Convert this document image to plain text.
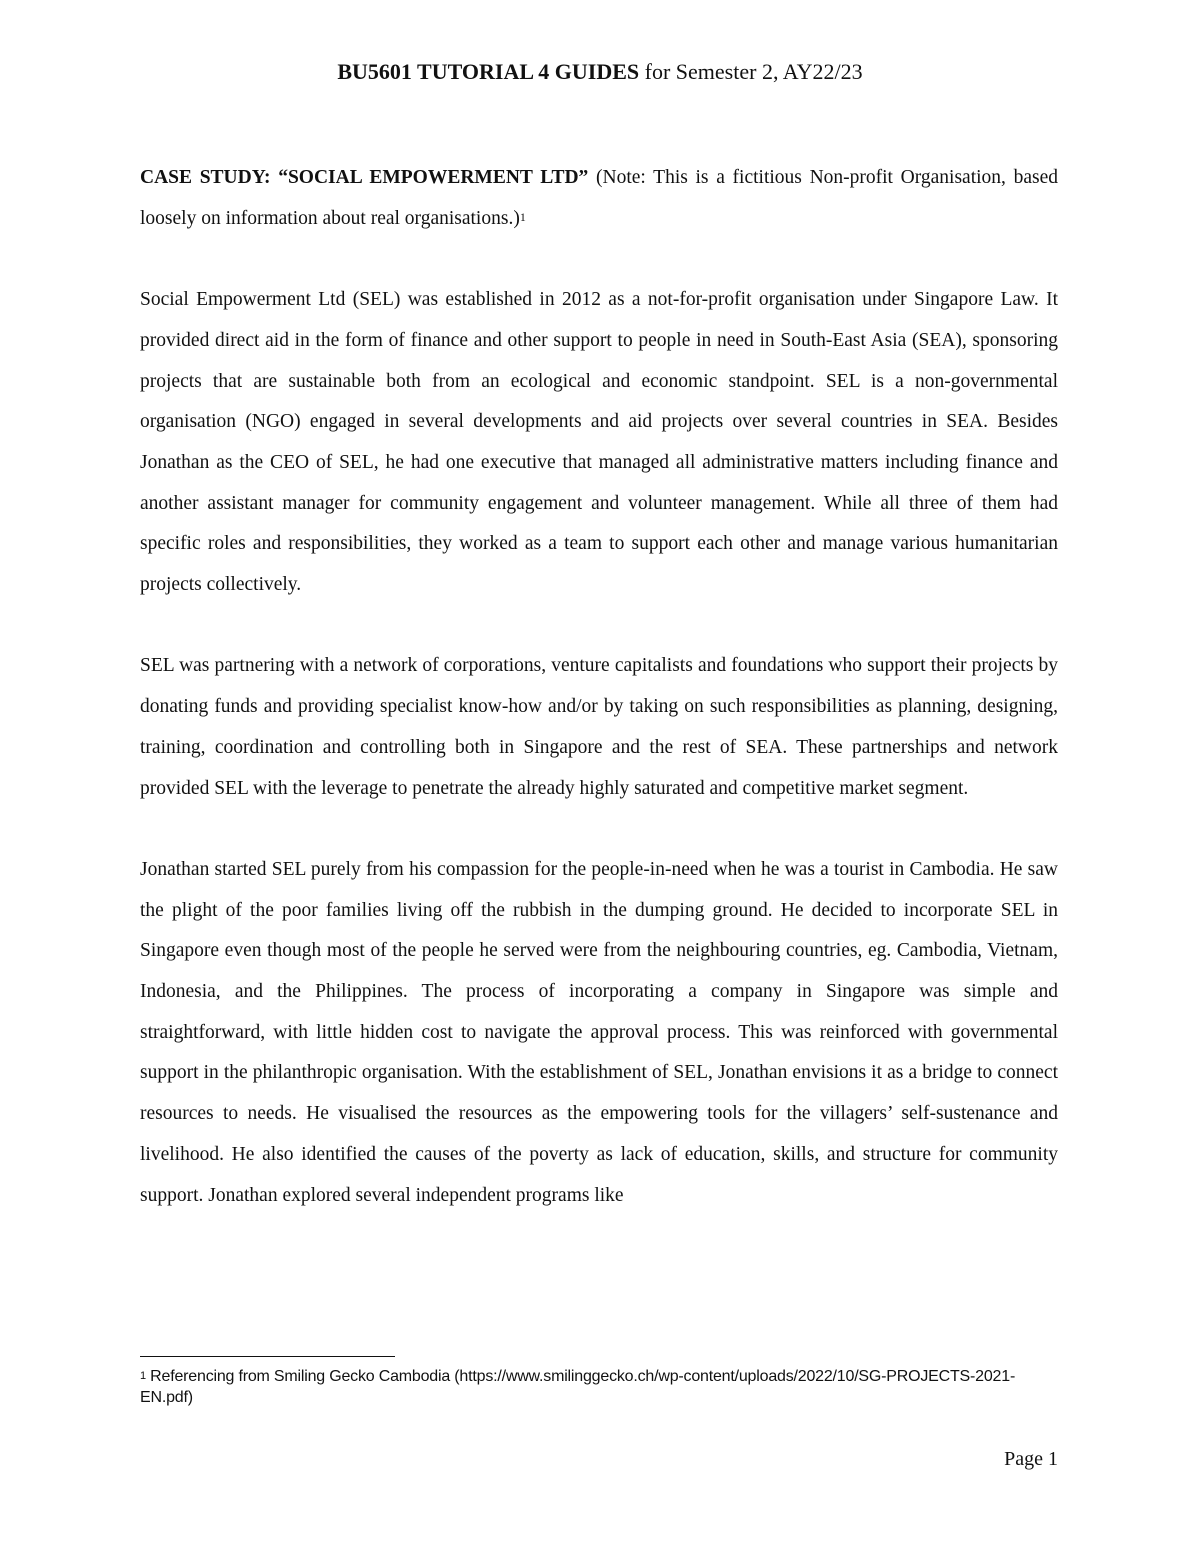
BU5601 TUTORIAL 4 GUIDES for Semester 2, AY22/23

CASE STUDY: “SOCIAL EMPOWERMENT LTD” (Note: This is a fictitious Non-profit Organisation, based loosely on information about real organisations.)$^1$

Social Empowerment Ltd (SEL) was established in 2012 as a not-for-profit organisation under Singapore Law. It provided direct aid in the form of finance and other support to people in need in South-East Asia (SEA), sponsoring projects that are sustainable both from an ecological and economic standpoint. SEL is a non-governmental organisation (NGO) engaged in several developments and aid projects over several countries in SEA. Besides Jonathan as the CEO of SEL, he had one executive that managed all administrative matters including finance and another assistant manager for community engagement and volunteer management. While all three of them had specific roles and responsibilities, they worked as a team to support each other and manage various humanitarian projects collectively.

SEL was partnering with a network of corporations, venture capitalists and foundations who support their projects by donating funds and providing specialist know-how and/or by taking on such responsibilities as planning, designing, training, coordination and controlling both in Singapore and the rest of SEA. These partnerships and network provided SEL with the leverage to penetrate the already highly saturated and competitive market segment.

Jonathan started SEL purely from his compassion for the people-in-need when he was a tourist in Cambodia. He saw the plight of the poor families living off the rubbish in the dumping ground. He decided to incorporate SEL in Singapore even though most of the people he served were from the neighbouring countries, eg. Cambodia, Vietnam, Indonesia, and the Philippines. The process of incorporating a company in Singapore was simple and straightforward, with little hidden cost to navigate the approval process. This was reinforced with governmental support in the philanthropic organisation. With the establishment of SEL, Jonathan envisions it as a bridge to connect resources to needs. He visualised the resources as the empowering tools for the villagers’ self-sustenance and livelihood. He also identified the causes of the poverty as lack of education, skills, and structure for community support. Jonathan explored several independent programs like

$^1$ Referencing from Smiling Gecko Cambodia (https://www.smilinggecko.ch/wp-content/uploads/2022/10/SG-PROJECTS-2021-EN.pdf)
Page 1
